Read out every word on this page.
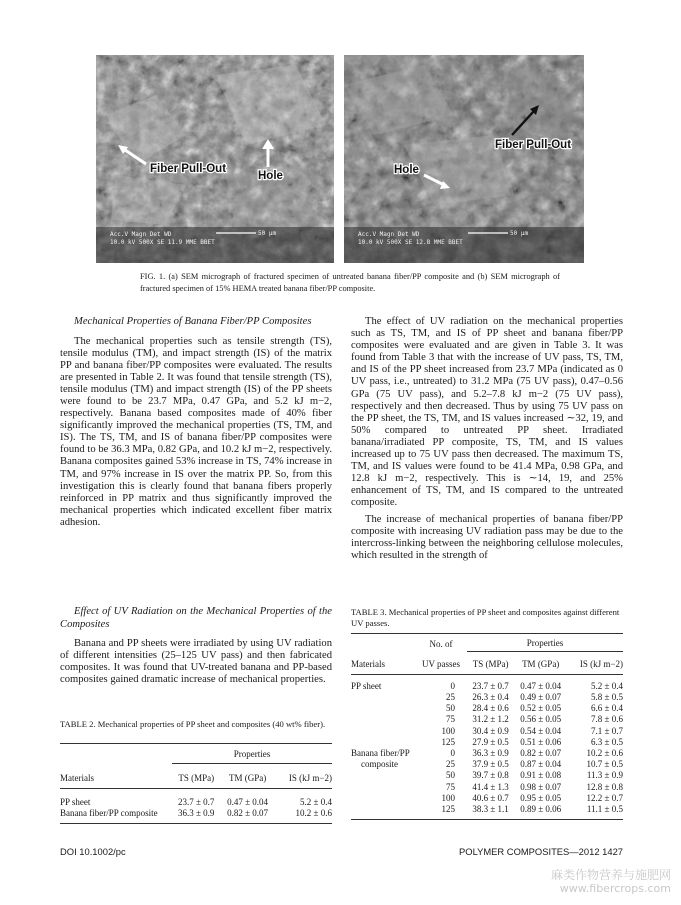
Fiber Pull-Out
Hole
Acc.V Magn Det WD
10.0 kV 500X SE 11.9 MME BBET
50 μm
Fiber Pull-Out
Hole
Acc.V Magn Det WD
10.0 kV 500X SE 12.8 MME BBET
50 μm
FIG. 1. (a) SEM micrograph of fractured specimen of untreated banana fiber/PP composite and (b) SEM micrograph of fractured specimen of 15% HEMA treated banana fiber/PP composite.

Mechanical Properties of Banana Fiber/PP Composites

The mechanical properties such as tensile strength (TS), tensile modulus (TM), and impact strength (IS) of the matrix PP and banana fiber/PP composites were evaluated. The results are presented in Table 2. It was found that tensile strength (TS), tensile modulus (TM) and impact strength (IS) of the PP sheets were found to be 23.7 MPa, 0.47 GPa, and 5.2 kJ m−2, respectively. Banana based composites made of 40% fiber significantly improved the mechanical properties (TS, TM, and IS). The TS, TM, and IS of banana fiber/PP composites were found to be 36.3 MPa, 0.82 GPa, and 10.2 kJ m−2, respectively. Banana composites gained 53% increase in TS, 74% increase in TM, and 97% increase in IS over the matrix PP. So, from this investigation this is clearly found that banana fibers properly reinforced in PP matrix and thus significantly improved the mechanical properties which indicated excellent fiber matrix adhesion.

Effect of UV Radiation on the Mechanical Properties of the Composites

Banana and PP sheets were irradiated by using UV radiation of different intensities (25–125 UV pass) and then fabricated composites. It was found that UV-treated banana and PP-based composites gained dramatic increase of mechanical properties.

TABLE 2. Mechanical properties of PP sheet and composites (40 wt% fiber).
	Properties		
Materials	TS (MPa)	TM (GPa)	IS (kJ m−2)

PP sheet	23.7 ± 0.7	0.47 ± 0.04	5.2 ± 0.4
Banana fiber/PP composite	36.3 ± 0.9	0.82 ± 0.07	10.2 ± 0.6

The effect of UV radiation on the mechanical properties such as TS, TM, and IS of PP sheet and banana fiber/PP composites were evaluated and are given in Table 3. It was found from Table 3 that with the increase of UV pass, TS, TM, and IS of the PP sheet increased from 23.7 MPa (indicated as 0 UV pass, i.e., untreated) to 31.2 MPa (75 UV pass), 0.47–0.56 GPa (75 UV pass), and 5.2–7.8 kJ m−2 (75 UV pass), respectively and then decreased. Thus by using 75 UV pass on the PP sheet, the TS, TM, and IS values increased ∼32, 19, and 50% compared to untreated PP sheet. Irradiated banana/irradiated PP composite, TS, TM, and IS values increased up to 75 UV pass then decreased. The maximum TS, TM, and IS values were found to be 41.4 MPa, 0.98 GPa, and 12.8 kJ m−2, respectively. This is ∼14, 19, and 25% enhancement of TS, TM, and IS compared to the untreated composite.

The increase of mechanical properties of banana fiber/PP composite with increasing UV radiation pass may be due to the intercross-linking between the neighboring cellulose molecules, which resulted in the strength of

TABLE 3. Mechanical properties of PP sheet and composites against different UV passes.
	No. of	Properties		
Materials	UV passes	TS (MPa)	TM (GPa)	IS (kJ m−2)

PP sheet	0	23.7 ± 0.7	0.47 ± 0.04	5.2 ± 0.4
	25	26.3 ± 0.4	0.49 ± 0.07	5.8 ± 0.5
	50	28.4 ± 0.6	0.52 ± 0.05	6.6 ± 0.4
	75	31.2 ± 1.2	0.56 ± 0.05	7.8 ± 0.6
	100	30.4 ± 0.9	0.54 ± 0.04	7.1 ± 0.7
	125	27.9 ± 0.5	0.51 ± 0.06	6.3 ± 0.5
Banana fiber/PP	0	36.3 ± 0.9	0.82 ± 0.07	10.2 ± 0.6
composite	25	37.9 ± 0.5	0.87 ± 0.04	10.7 ± 0.5
	50	39.7 ± 0.8	0.91 ± 0.08	11.3 ± 0.9
	75	41.4 ± 1.3	0.98 ± 0.07	12.8 ± 0.8
	100	40.6 ± 0.7	0.95 ± 0.05	12.2 ± 0.7
	125	38.3 ± 1.1	0.89 ± 0.06	11.1 ± 0.5

DOI 10.1002/pc	POLYMER COMPOSITES—2012 1427
麻类作物营养与施肥网
www.fibercrops.com
